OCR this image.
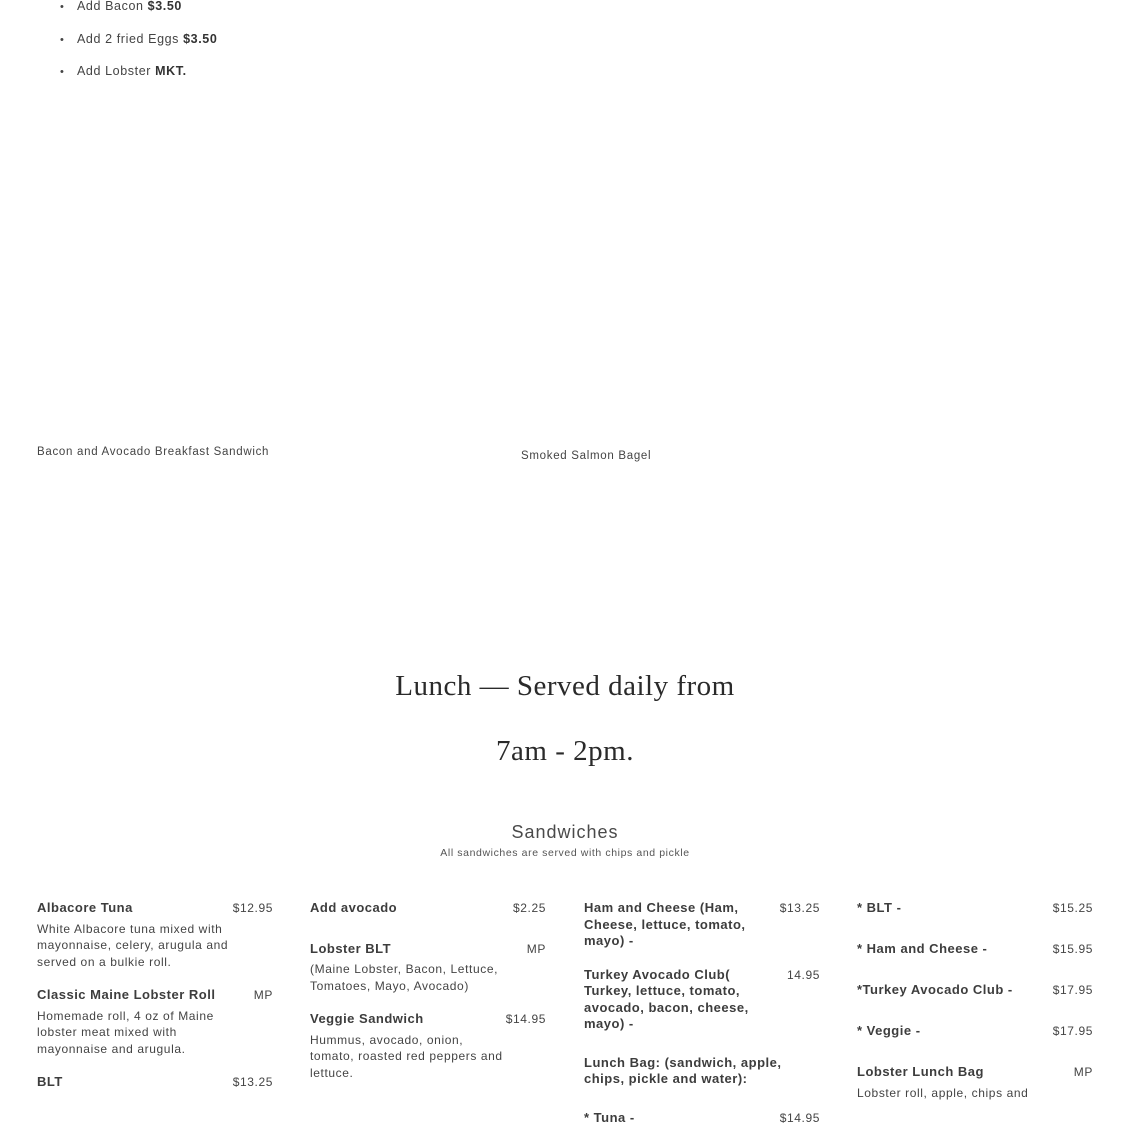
• Add Bacon $3.50
• Add 2 fried Eggs $3.50
• Add Lobster MKT.
Bacon and Avocado Breakfast Sandwich	Smoked Salmon Bagel
Lunch — Served daily from
7am - 2pm.
Sandwiches
All sandwiches are served with chips and pickle
Albacore Tuna	$12.95
White Albacore tuna mixed with mayonnaise, celery, arugula and served on a bulkie roll.
Classic Maine Lobster Roll	MP
Homemade roll, 4 oz of Maine lobster meat mixed with mayonnaise and arugula.
BLT	$13.25
Add avocado	$2.25
Lobster BLT	MP
(Maine Lobster, Bacon, Lettuce, Tomatoes, Mayo, Avocado)
Veggie Sandwich	$14.95
Hummus, avocado, onion, tomato, roasted red peppers and lettuce.
Ham and Cheese (Ham, Cheese, lettuce, tomato, mayo) -
$13.25
Turkey Avocado Club( Turkey, lettuce, tomato, avocado, bacon, cheese, mayo) -
14.95
Lunch Bag: (sandwich, apple, chips, pickle and water):
* Tuna -	$14.95
* BLT -	$15.25
* Ham and Cheese -	$15.95
*Turkey Avocado Club -	$17.95
* Veggie -	$17.95
Lobster Lunch Bag	MP
Lobster roll, apple, chips and
